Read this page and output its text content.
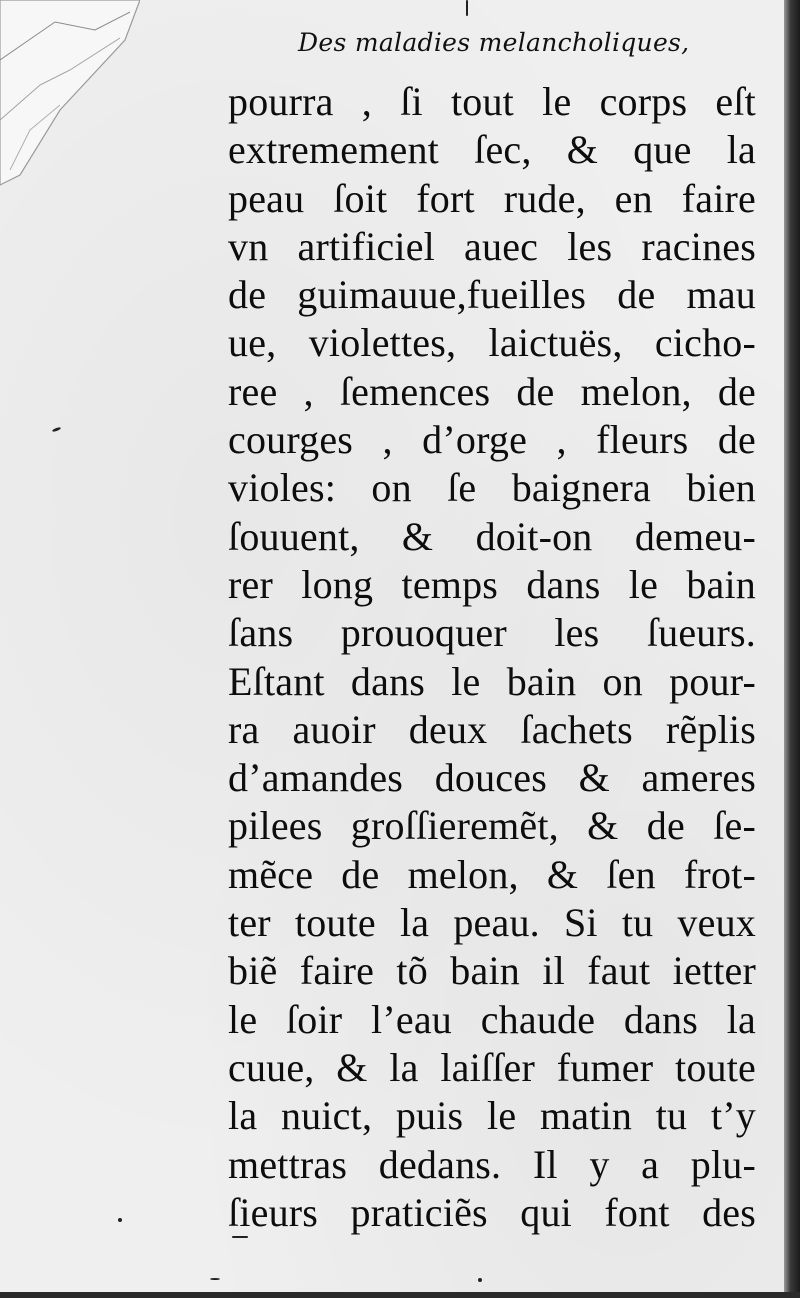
Des maladies melancholiques,
pourra , ſi tout le corps eſt
extremement ſec, & que la
peau ſoit fort rude, en faire
vn artificiel auec les racines
de guimauue,fueilles de mau
ue, violettes, laictuës, cicho-
ree , ſemences de melon, de
courges , d’orge , fleurs de
violes: on ſe baignera bien
ſouuent, & doit-on demeu-
rer long temps dans le bain
ſans prouoquer les ſueurs.
Eſtant dans le bain on pour-
ra auoir deux ſachets rẽplis
d’amandes douces & ameres
pilees groſſieremẽt, & de ſe-
mẽce de melon, & ſen frot-
ter toute la peau. Si tu veux
biẽ faire tõ bain il faut ietter
le ſoir l’eau chaude dans la
cuue, & la laiſſer fumer toute
la nuict, puis le matin tu t’y
mettras dedans. Il y a plu-
ſieurs praticiẽs qui font des
